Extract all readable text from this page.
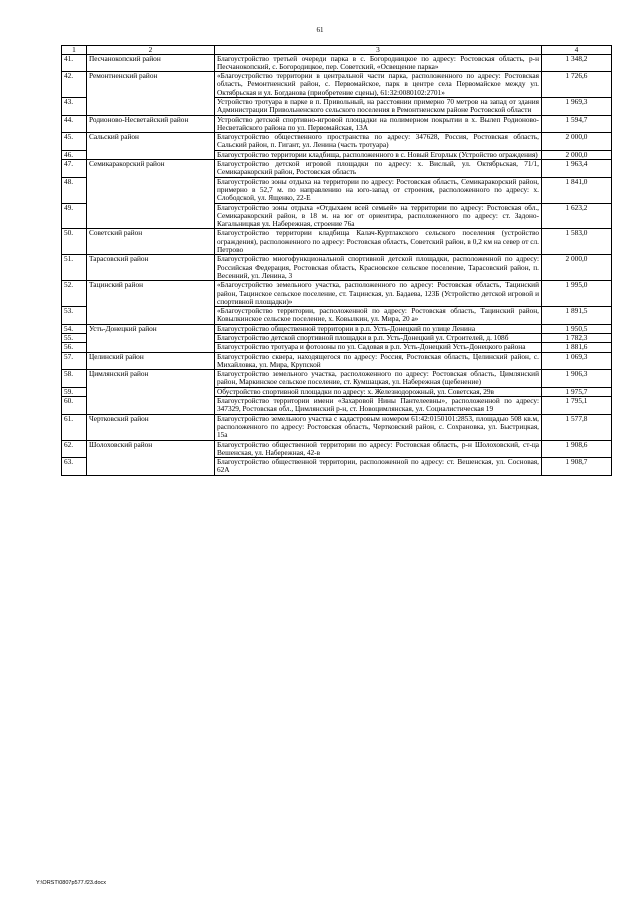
61
1	2	3	4
41.	Песчанокопский район	Благоустройство третьей очереди парка в с. Богородницкое по адресу: Ростовская область, р-н Песчанокопский, с. Богородицкое, пер. Советский, «Освещение парка»	1 348,2
42.	Ремонтненский район	«Благоустройство территории в центральной части парка, расположенного по адресу: Ростовская область, Ремонтненский район, с. Первомайское, парк в центре села Первомайское между ул. Октябрьская и ул. Богданова (приобретение сцены), 61:32:0080102:2701»	1 726,6
43.		Устройство тротуара в парке в п. Привольный, на расстоянии примерно 70 метров на запад от здания Администрации Привольненского сельского поселения в Ремонтненском районе Ростовской области	1 969,3
44.	Родионово-Несветайский район	Устройство детской спортивно-игровой площадки на полимерном покрытии в х. Вылеп Родионово-Несветайского района по ул. Первомайская, 13А	1 594,7
45.	Сальский район	Благоустройство общественного пространства по адресу: 347628, Россия, Ростовская область, Сальский район, п. Гигант, ул. Ленина (часть тротуара)	2 000,0
46.		Благоустройство территории кладбища, расположенного в с. Новый Егорлык (Устройство ограждения)	2 000,0
47.	Семикаракорский район	Благоустройство детской игровой площадки по адресу: х. Вислый, ул. Октябрьская, 71/1, Семикаракорский район, Ростовская область	1 963,4
48.		Благоустройство зоны отдыха на территории по адресу: Ростовская область, Семикаракорский район, примерно в 52,7 м. по направлению на юго-запад от строения, расположенного по адресу: х. Слободской, ул. Ященко, 22-Е	1 841,0
49.		Благоустройство зоны отдыха «Отдыхаем всей семьей» на территории по адресу: Ростовская обл., Семикаракорский район, в 18 м. на юг от ориентира, расположенного по адресу: ст. Задоно-Кагальницкая ул. Набережная, строение 76а	1 623,2
50.	Советский район	Благоустройство территории кладбища Калач-Куртлакского сельского поселения (устройство ограждения), расположенного по адресу: Ростовская область, Советский район, в 0,2 км на север от сл. Петрово	1 583,0
51.	Тарасовский район	Благоустройство многофункциональной спортивной детской площадки, расположенной по адресу: Российская Федерация, Ростовская область, Красновское сельское поселение, Тарасовский район, п. Весенний, ул. Ленина, 3	2 000,0
52.	Тацинский район	«Благоустройство земельного участка, расположенного по адресу: Ростовская область, Тацинский район, Тацинское сельское поселение, ст. Тацинская, ул. Бадаева, 123Б (Устройство детской игровой и спортивной площадки)»	1 995,0
53.		«Благоустройство территории, расположенной по адресу: Ростовская область, Тацинский район, Ковылкинское сельское поселение, х. Ковылкин, ул. Мира, 20 а»	1 891,5
54.	Усть-Донецкий район	Благоустройство общественной территории в р.п. Усть-Донецкий по улице Ленина	1 950,5
55.		Благоустройство детской спортивной площадки в р.п. Усть-Донецкий ул. Строителей, д. 108б	1 782,3
56.		Благоустройство тротуара и фотозоны по ул. Садовая в р.п. Усть-Донецкий Усть-Донецкого района	1 881,6
57.	Целинский район	Благоустройство сквера, находящегося по адресу: Россия, Ростовская область, Целинский район, с. Михайловка, ул. Мира, Крупской	1 069,3
58.	Цимлянский район	Благоустройство земельного участка, расположенного по адресу: Ростовская область, Цимлянский район, Маркинское сельское поселение, ст. Кумшацкая, ул. Набережная (щебенение)	1 906,3
59.		Обустройство спортивной площадки по адресу: х. Железнодорожный, ул. Советская, 29в	1 975,7
60.		Благоустройство территории имени «Захаровой Нины Пантелеевны», расположенной по адресу: 347329, Ростовская обл., Цимлянский р-н, ст. Новоцимлянская, ул. Социалистическая 19	1 795,1
61.	Чертковский район	Благоустройство земельного участка с кадастровым номером 61:42:0150101:2853, площадью 508 кв.м, расположенного по адресу: Ростовская область, Чертковский район, с. Сохрановка, ул. Быстрицкая, 15а	1 577,8
62.	Шолоховский район	Благоустройство общественной территории по адресу: Ростовская область, р-н Шолоховский, ст-ца Вешенская, ул. Набережная, 42-в	1 908,6
63.		Благоустройство общественной территории, расположенной по адресу: ст. Вешенская, ул. Сосновая, 62А	1 908,7
Y:\ORST\0807p577.f23.docx
